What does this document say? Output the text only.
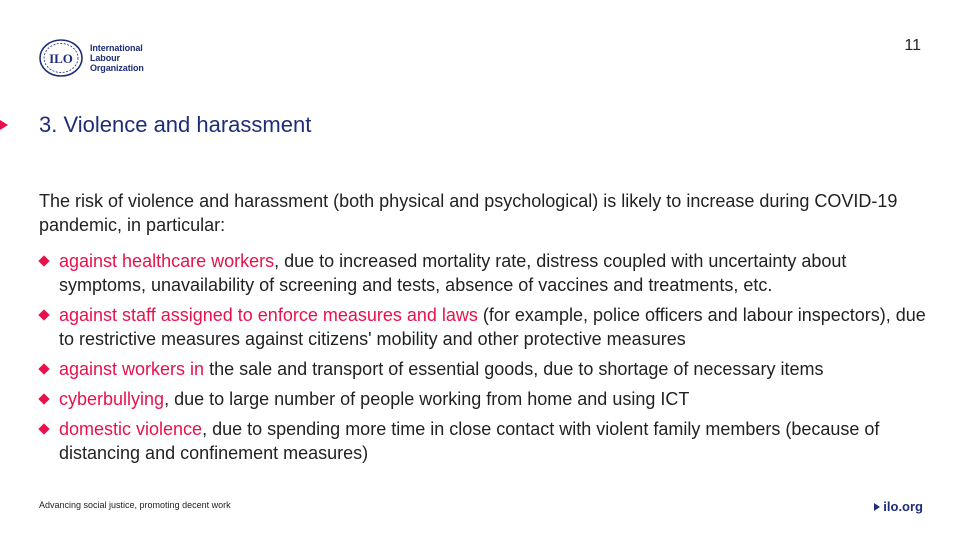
ILO
International
Labour
Organization
11
3. Violence and harassment

The risk of violence and harassment (both physical and psychological) is likely to increase during COVID-19 pandemic, in particular:

against healthcare workers, due to increased mortality rate, distress coupled with uncertainty about symptoms, unavailability of screening and tests, absence of vaccines and treatments, etc.
against staff assigned to enforce measures and laws (for example, police officers and labour inspectors), due to restrictive measures against citizens' mobility and other protective measures
against workers in the sale and transport of essential goods, due to shortage of necessary items
cyberbullying, due to large number of people working from home and using ICT
domestic violence, due to spending more time in close contact with violent family members (because of distancing and confinement measures)
Advancing social justice, promoting decent work	ilo.org
